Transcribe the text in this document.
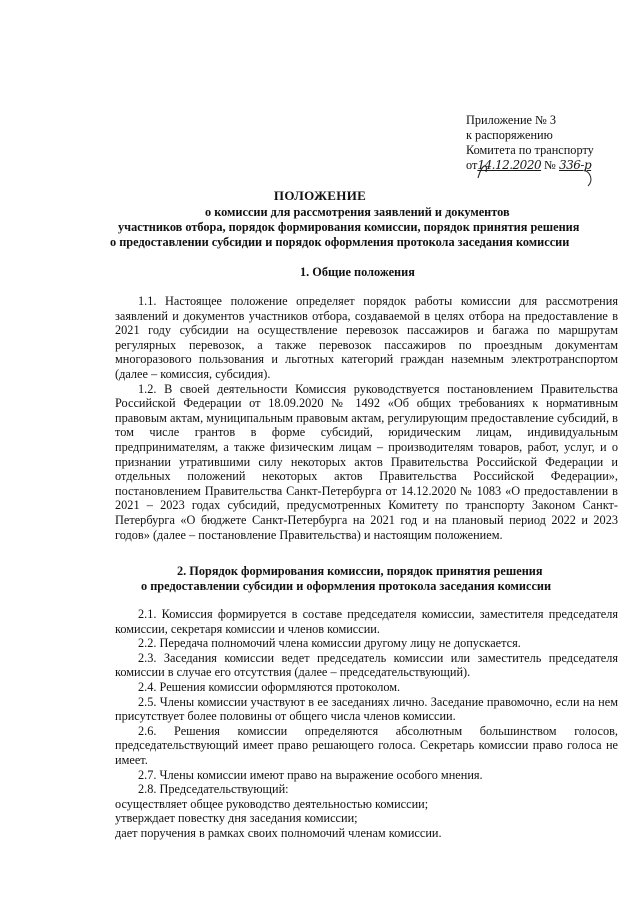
Приложение № 3
к распоряжению
Комитета по транспорту
от14.12.2020 № 336-р
ПОЛОЖЕНИЕ
о комиссии для рассмотрения заявлений и документов
участников отбора, порядок формирования комиссии, порядок принятия решения
о предоставлении субсидии и порядок оформления протокола заседания комиссии
1. Общие положения

1.1. Настоящее положение определяет порядок работы комиссии для рассмотрения заявлений и документов участников отбора, создаваемой в целях отбора на предоставление в 2021 году субсидии на осуществление перевозок пассажиров и багажа по маршрутам регулярных перевозок, а также перевозок пассажиров по проездным документам многоразового пользования и льготных категорий граждан наземным электротранспортом (далее – комиссия, субсидия).

1.2. В своей деятельности Комиссия руководствуется постановлением Правительства Российской Федерации от 18.09.2020 № 1492 «Об общих требованиях к нормативным правовым актам, муниципальным правовым актам, регулирующим предоставление субсидий, в том числе грантов в форме субсидий, юридическим лицам, индивидуальным предпринимателям, а также физическим лицам – производителям товаров, работ, услуг, и о признании утратившими силу некоторых актов Правительства Российской Федерации и отдельных положений некоторых актов Правительства Российской Федерации», постановлением Правительства Санкт-Петербурга от 14.12.2020 № 1083 «О предоставлении в 2021 – 2023 годах субсидий, предусмотренных Комитету по транспорту Законом Санкт-Петербурга «О бюджете Санкт-Петербурга на 2021 год и на плановый период 2022 и 2023 годов» (далее – постановление Правительства) и настоящим положением.

2. Порядок формирования комиссии, порядок принятия решения
о предоставлении субсидии и оформления протокола заседания комиссии

2.1. Комиссия формируется в составе председателя комиссии, заместителя председателя комиссии, секретаря комиссии и членов комиссии.

2.2. Передача полномочий члена комиссии другому лицу не допускается.

2.3. Заседания комиссии ведет председатель комиссии или заместитель председателя комиссии в случае его отсутствия (далее – председательствующий).

2.4. Решения комиссии оформляются протоколом.

2.5. Члены комиссии участвуют в ее заседаниях лично. Заседание правомочно, если на нем присутствует более половины от общего числа членов комиссии.

2.6. Решения комиссии определяются абсолютным большинством голосов, председательствующий имеет право решающего голоса. Секретарь комиссии право голоса не имеет.

2.7. Члены комиссии имеют право на выражение особого мнения.

2.8. Председательствующий:

осуществляет общее руководство деятельностью комиссии;

утверждает повестку дня заседания комиссии;

дает поручения в рамках своих полномочий членам комиссии.
